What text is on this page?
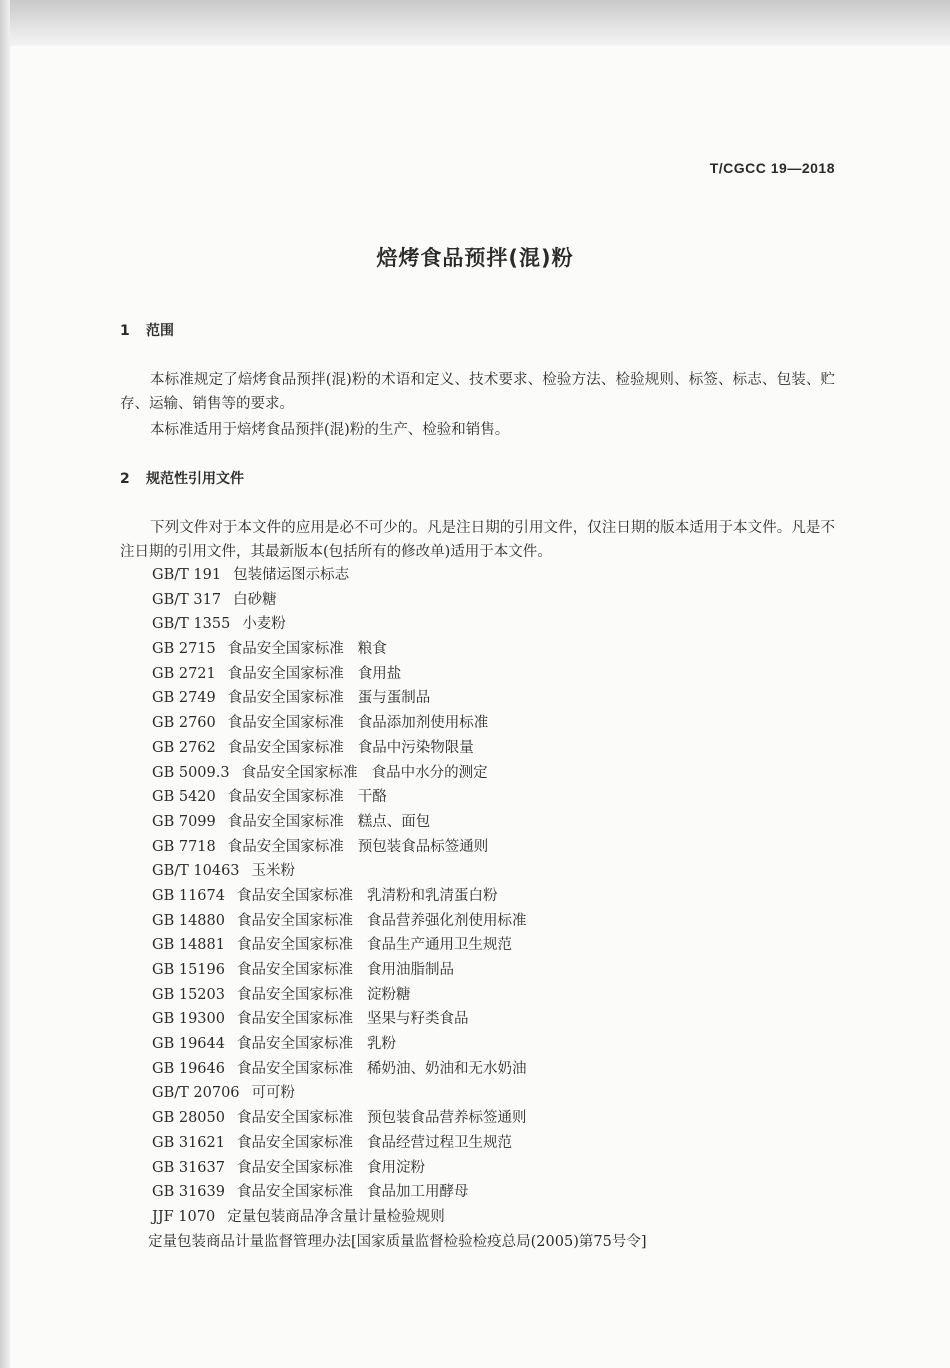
T/CGCC 19—2018
焙烤食品预拌(混)粉
1 范围

本标准规定了焙烤食品预拌(混)粉的术语和定义、技术要求、检验方法、检验规则、标签、标志、包装、贮存、运输、销售等的要求。

本标准适用于焙烤食品预拌(混)粉的生产、检验和销售。

2 规范性引用文件

下列文件对于本文件的应用是必不可少的。凡是注日期的引用文件，仅注日期的版本适用于本文件。凡是不注日期的引用文件，其最新版本(包括所有的修改单)适用于本文件。

GB/T 191 包装储运图示标志
GB/T 317 白砂糖
GB/T 1355 小麦粉
GB 2715 食品安全国家标准 粮食
GB 2721 食品安全国家标准 食用盐
GB 2749 食品安全国家标准 蛋与蛋制品
GB 2760 食品安全国家标准 食品添加剂使用标准
GB 2762 食品安全国家标准 食品中污染物限量
GB 5009.3 食品安全国家标准 食品中水分的测定
GB 5420 食品安全国家标准 干酪
GB 7099 食品安全国家标准 糕点、面包
GB 7718 食品安全国家标准 预包装食品标签通则
GB/T 10463 玉米粉
GB 11674 食品安全国家标准 乳清粉和乳清蛋白粉
GB 14880 食品安全国家标准 食品营养强化剂使用标准
GB 14881 食品安全国家标准 食品生产通用卫生规范
GB 15196 食品安全国家标准 食用油脂制品
GB 15203 食品安全国家标准 淀粉糖
GB 19300 食品安全国家标准 坚果与籽类食品
GB 19644 食品安全国家标准 乳粉
GB 19646 食品安全国家标准 稀奶油、奶油和无水奶油
GB/T 20706 可可粉
GB 28050 食品安全国家标准 预包装食品营养标签通则
GB 31621 食品安全国家标准 食品经营过程卫生规范
GB 31637 食品安全国家标准 食用淀粉
GB 31639 食品安全国家标准 食品加工用酵母
JJF 1070 定量包装商品净含量计量检验规则
定量包装商品计量监督管理办法[国家质量监督检验检疫总局(2005)第75号令]
